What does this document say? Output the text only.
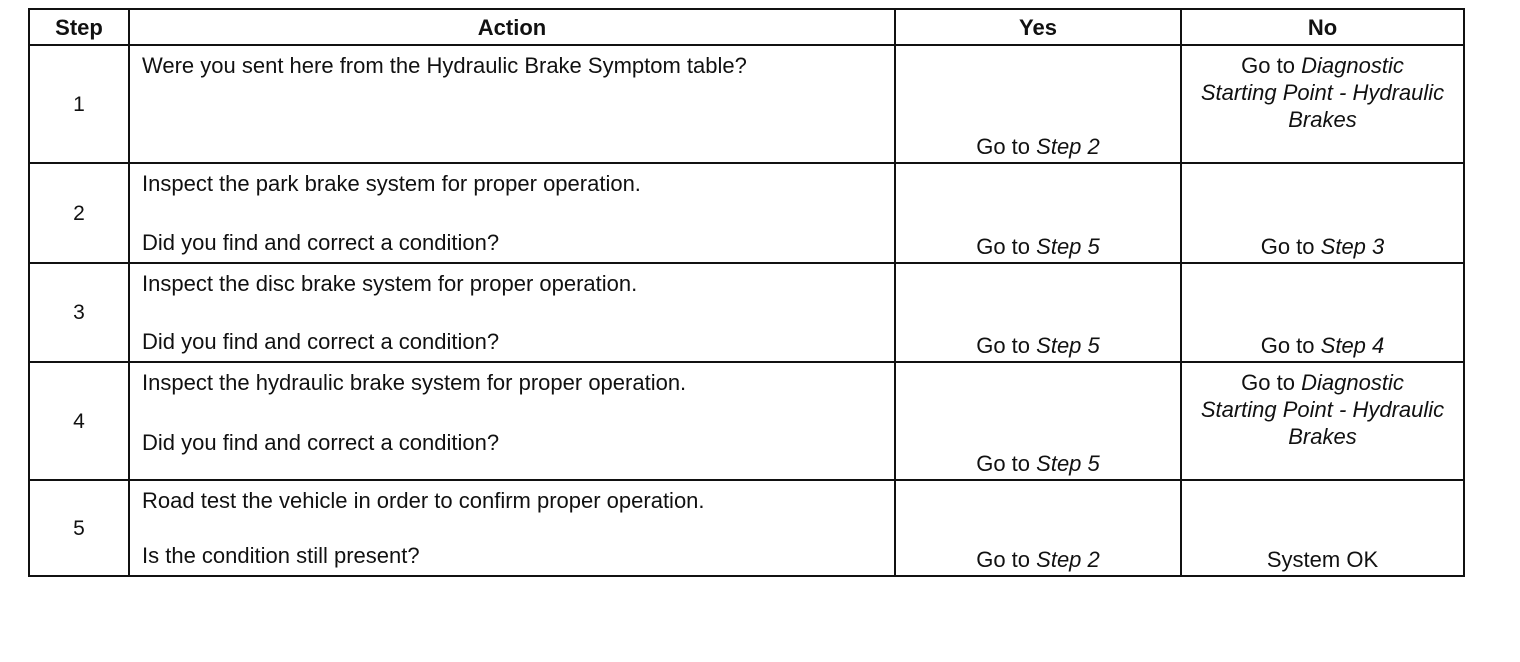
Step	Action	Yes	No
1	Were you sent here from the Hydraulic Brake Symptom table?	Go to Step 2	Go to Diagnostic
Starting Point - Hydraulic Brakes

2	Inspect the park brake system for proper operation.
Did you find and correct a condition?	Go to Step 5	Go to Step 3

3	Inspect the disc brake system for proper operation.
Did you find and correct a condition?	Go to Step 5	Go to Step 4

4	Inspect the hydraulic brake system for proper operation.
Did you find and correct a condition?	Go to Step 5	Go to Diagnostic
Starting Point - Hydraulic Brakes

5	Road test the vehicle in order to confirm proper operation.
Is the condition still present?	Go to Step 2	System OK
